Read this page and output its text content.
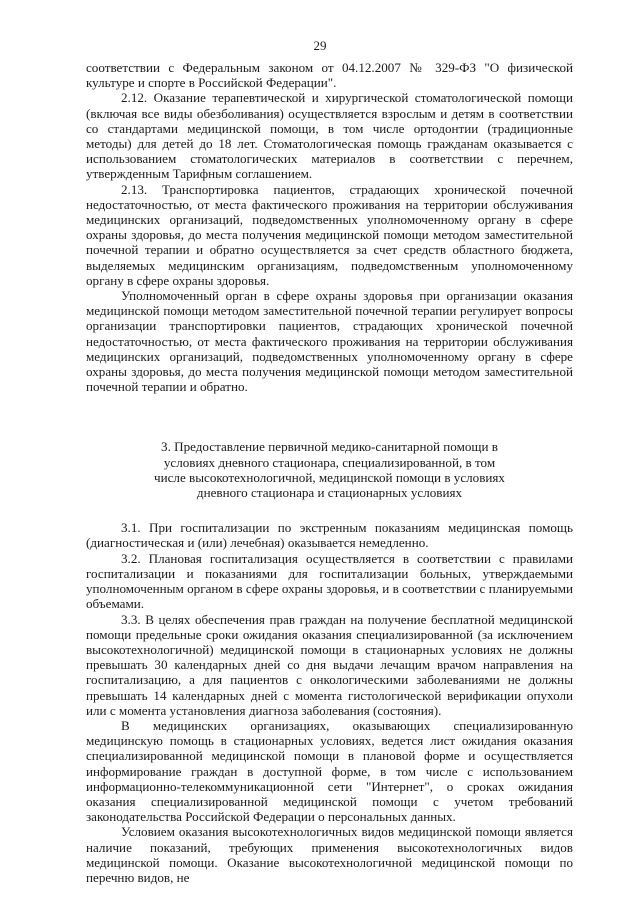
29

соответствии с Федеральным законом от 04.12.2007 № 329-ФЗ "О физической культуре и спорте в Российской Федерации".

2.12. Оказание терапевтической и хирургической стоматологической помощи (включая все виды обезболивания) осуществляется взрослым и детям в соответствии со стандартами медицинской помощи, в том числе ортодонтии (традиционные методы) для детей до 18 лет. Стоматологическая помощь гражданам оказывается с использованием стоматологических материалов в соответствии с перечнем, утвержденным Тарифным соглашением.

2.13. Транспортировка пациентов, страдающих хронической почечной недостаточностью, от места фактического проживания на территории обслуживания медицинских организаций, подведомственных уполномоченному органу в сфере охраны здоровья, до места получения медицинской помощи методом заместительной почечной терапии и обратно осуществляется за счет средств областного бюджета, выделяемых медицинским организациям, подведомственным уполномоченному органу в сфере охраны здоровья.

Уполномоченный орган в сфере охраны здоровья при организации оказания медицинской помощи методом заместительной почечной терапии регулирует вопросы организации транспортировки пациентов, страдающих хронической почечной недостаточностью, от места фактического проживания на территории обслуживания медицинских организаций, подведомственных уполномоченному органу в сфере охраны здоровья, до места получения медицинской помощи методом заместительной почечной терапии и обратно.

3. Предоставление первичной медико-санитарной помощи в условиях дневного стационара, специализированной, в том числе высокотехнологичной, медицинской помощи в условиях дневного стационара и стационарных условиях

3.1. При госпитализации по экстренным показаниям медицинская помощь (диагностическая и (или) лечебная) оказывается немедленно.

3.2. Плановая госпитализация осуществляется в соответствии с правилами госпитализации и показаниями для госпитализации больных, утверждаемыми уполномоченным органом в сфере охраны здоровья, и в соответствии с планируемыми объемами.

3.3. В целях обеспечения прав граждан на получение бесплатной медицинской помощи предельные сроки ожидания оказания специализированной (за исключением высокотехнологичной) медицинской помощи в стационарных условиях не должны превышать 30 календарных дней со дня выдачи лечащим врачом направления на госпитализацию, а для пациентов с онкологическими заболеваниями не должны превышать 14 календарных дней с момента гистологической верификации опухоли или с момента установления диагноза заболевания (состояния).

В медицинских организациях, оказывающих специализированную медицинскую помощь в стационарных условиях, ведется лист ожидания оказания специализированной медицинской помощи в плановой форме и осуществляется информирование граждан в доступной форме, в том числе с использованием информационно-телекоммуникационной сети "Интернет", о сроках ожидания оказания специализированной медицинской помощи с учетом требований законодательства Российской Федерации о персональных данных.

Условием оказания высокотехнологичных видов медицинской помощи является наличие показаний, требующих применения высокотехнологичных видов медицинской помощи. Оказание высокотехнологичной медицинской помощи по перечню видов, не
